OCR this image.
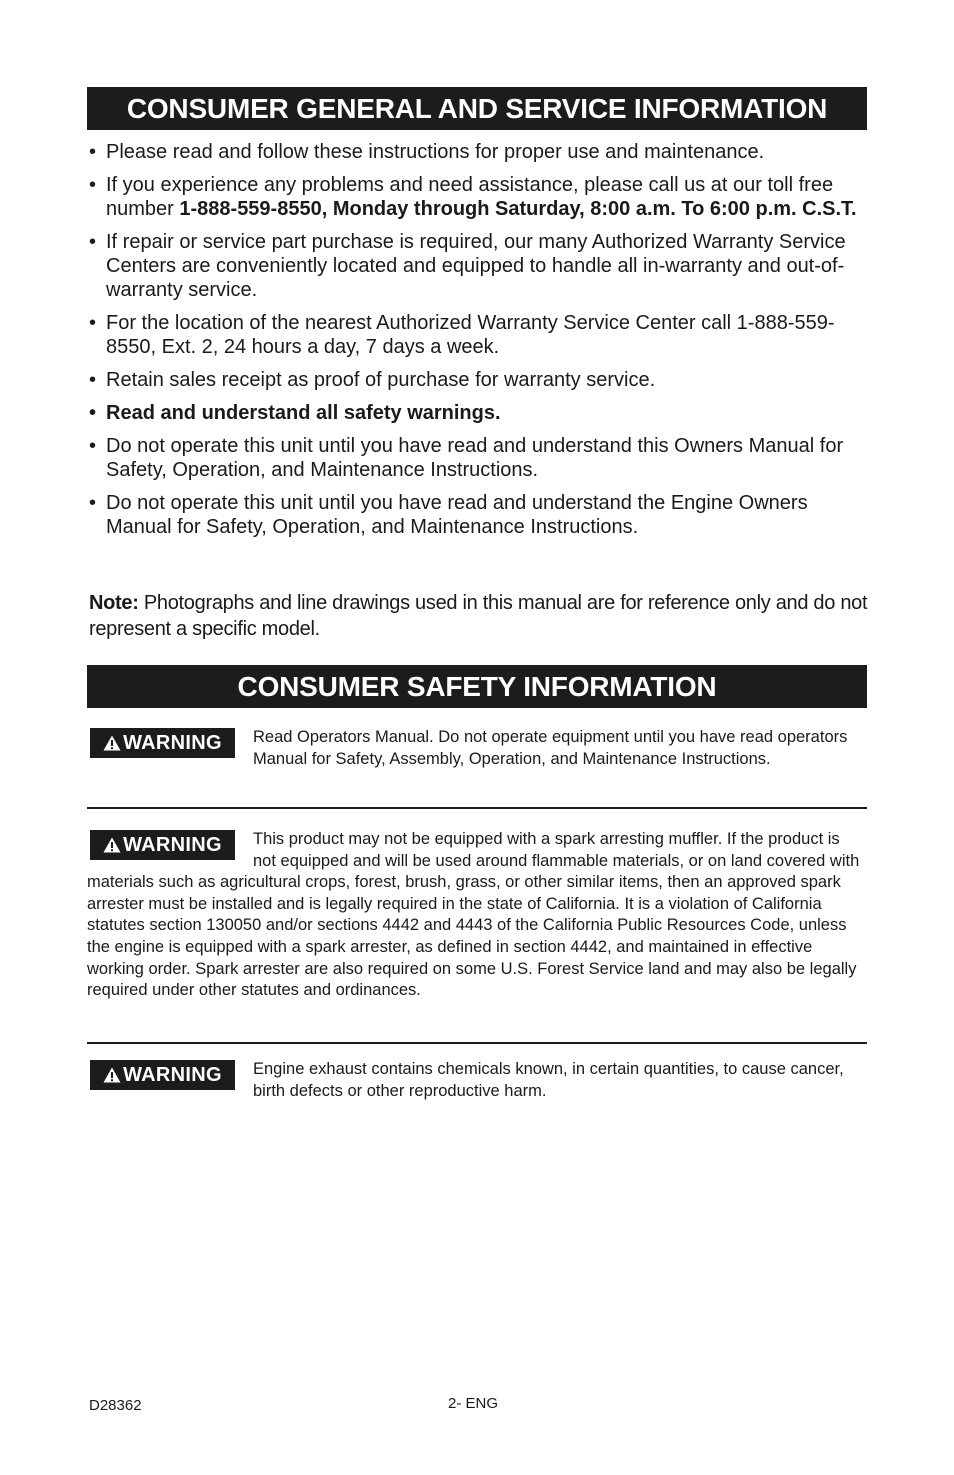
CONSUMER GENERAL AND SERVICE INFORMATION
• Please read and follow these instructions for proper use and maintenance.
• If you experience any problems and need assistance, please call us at our toll free number 1-888-559-8550, Monday through Saturday, 8:00 a.m. To 6:00 p.m. C.S.T.
• If repair or service part purchase is required, our many Authorized Warranty Service Centers are conveniently located and equipped to handle all in-warranty and out-of-warranty service.
• For the location of the nearest Authorized Warranty Service Center call 1-888-559-8550, Ext. 2, 24 hours a day, 7 days a week.
• Retain sales receipt as proof of purchase for warranty service.
• Read and understand all safety warnings.
• Do not operate this unit until you have read and understand this Owners Manual for Safety, Operation, and Maintenance Instructions.
• Do not operate this unit until you have read and understand the Engine Owners Manual for Safety, Operation, and Maintenance Instructions.
Note: Photographs and line drawings used in this manual are for reference only and do not represent a specific model.
CONSUMER SAFETY INFORMATION
WARNING	Read Operators Manual. Do not operate equipment until you have read operators Manual for Safety, Assembly, Operation, and Maintenance Instructions.
WARNING	This product may not be equipped with a spark arresting muffler. If the product is not equipped and will be used around flammable materials, or on land covered with materials such as agricultural crops, forest, brush, grass, or other similar items, then an approved spark arrester must be installed and is legally required in the state of California. It is a violation of California statutes section 130050 and/or sections 4442 and 4443 of the California Public Resources Code, unless the engine is equipped with a spark arrester, as defined in section 4442, and maintained in effective working order. Spark arrester are also required on some U.S. Forest Service land and may also be legally required under other statutes and ordinances.
WARNING	Engine exhaust contains chemicals known, in certain quantities, to cause cancer, birth defects or other reproductive harm.
D28362	2- ENG
